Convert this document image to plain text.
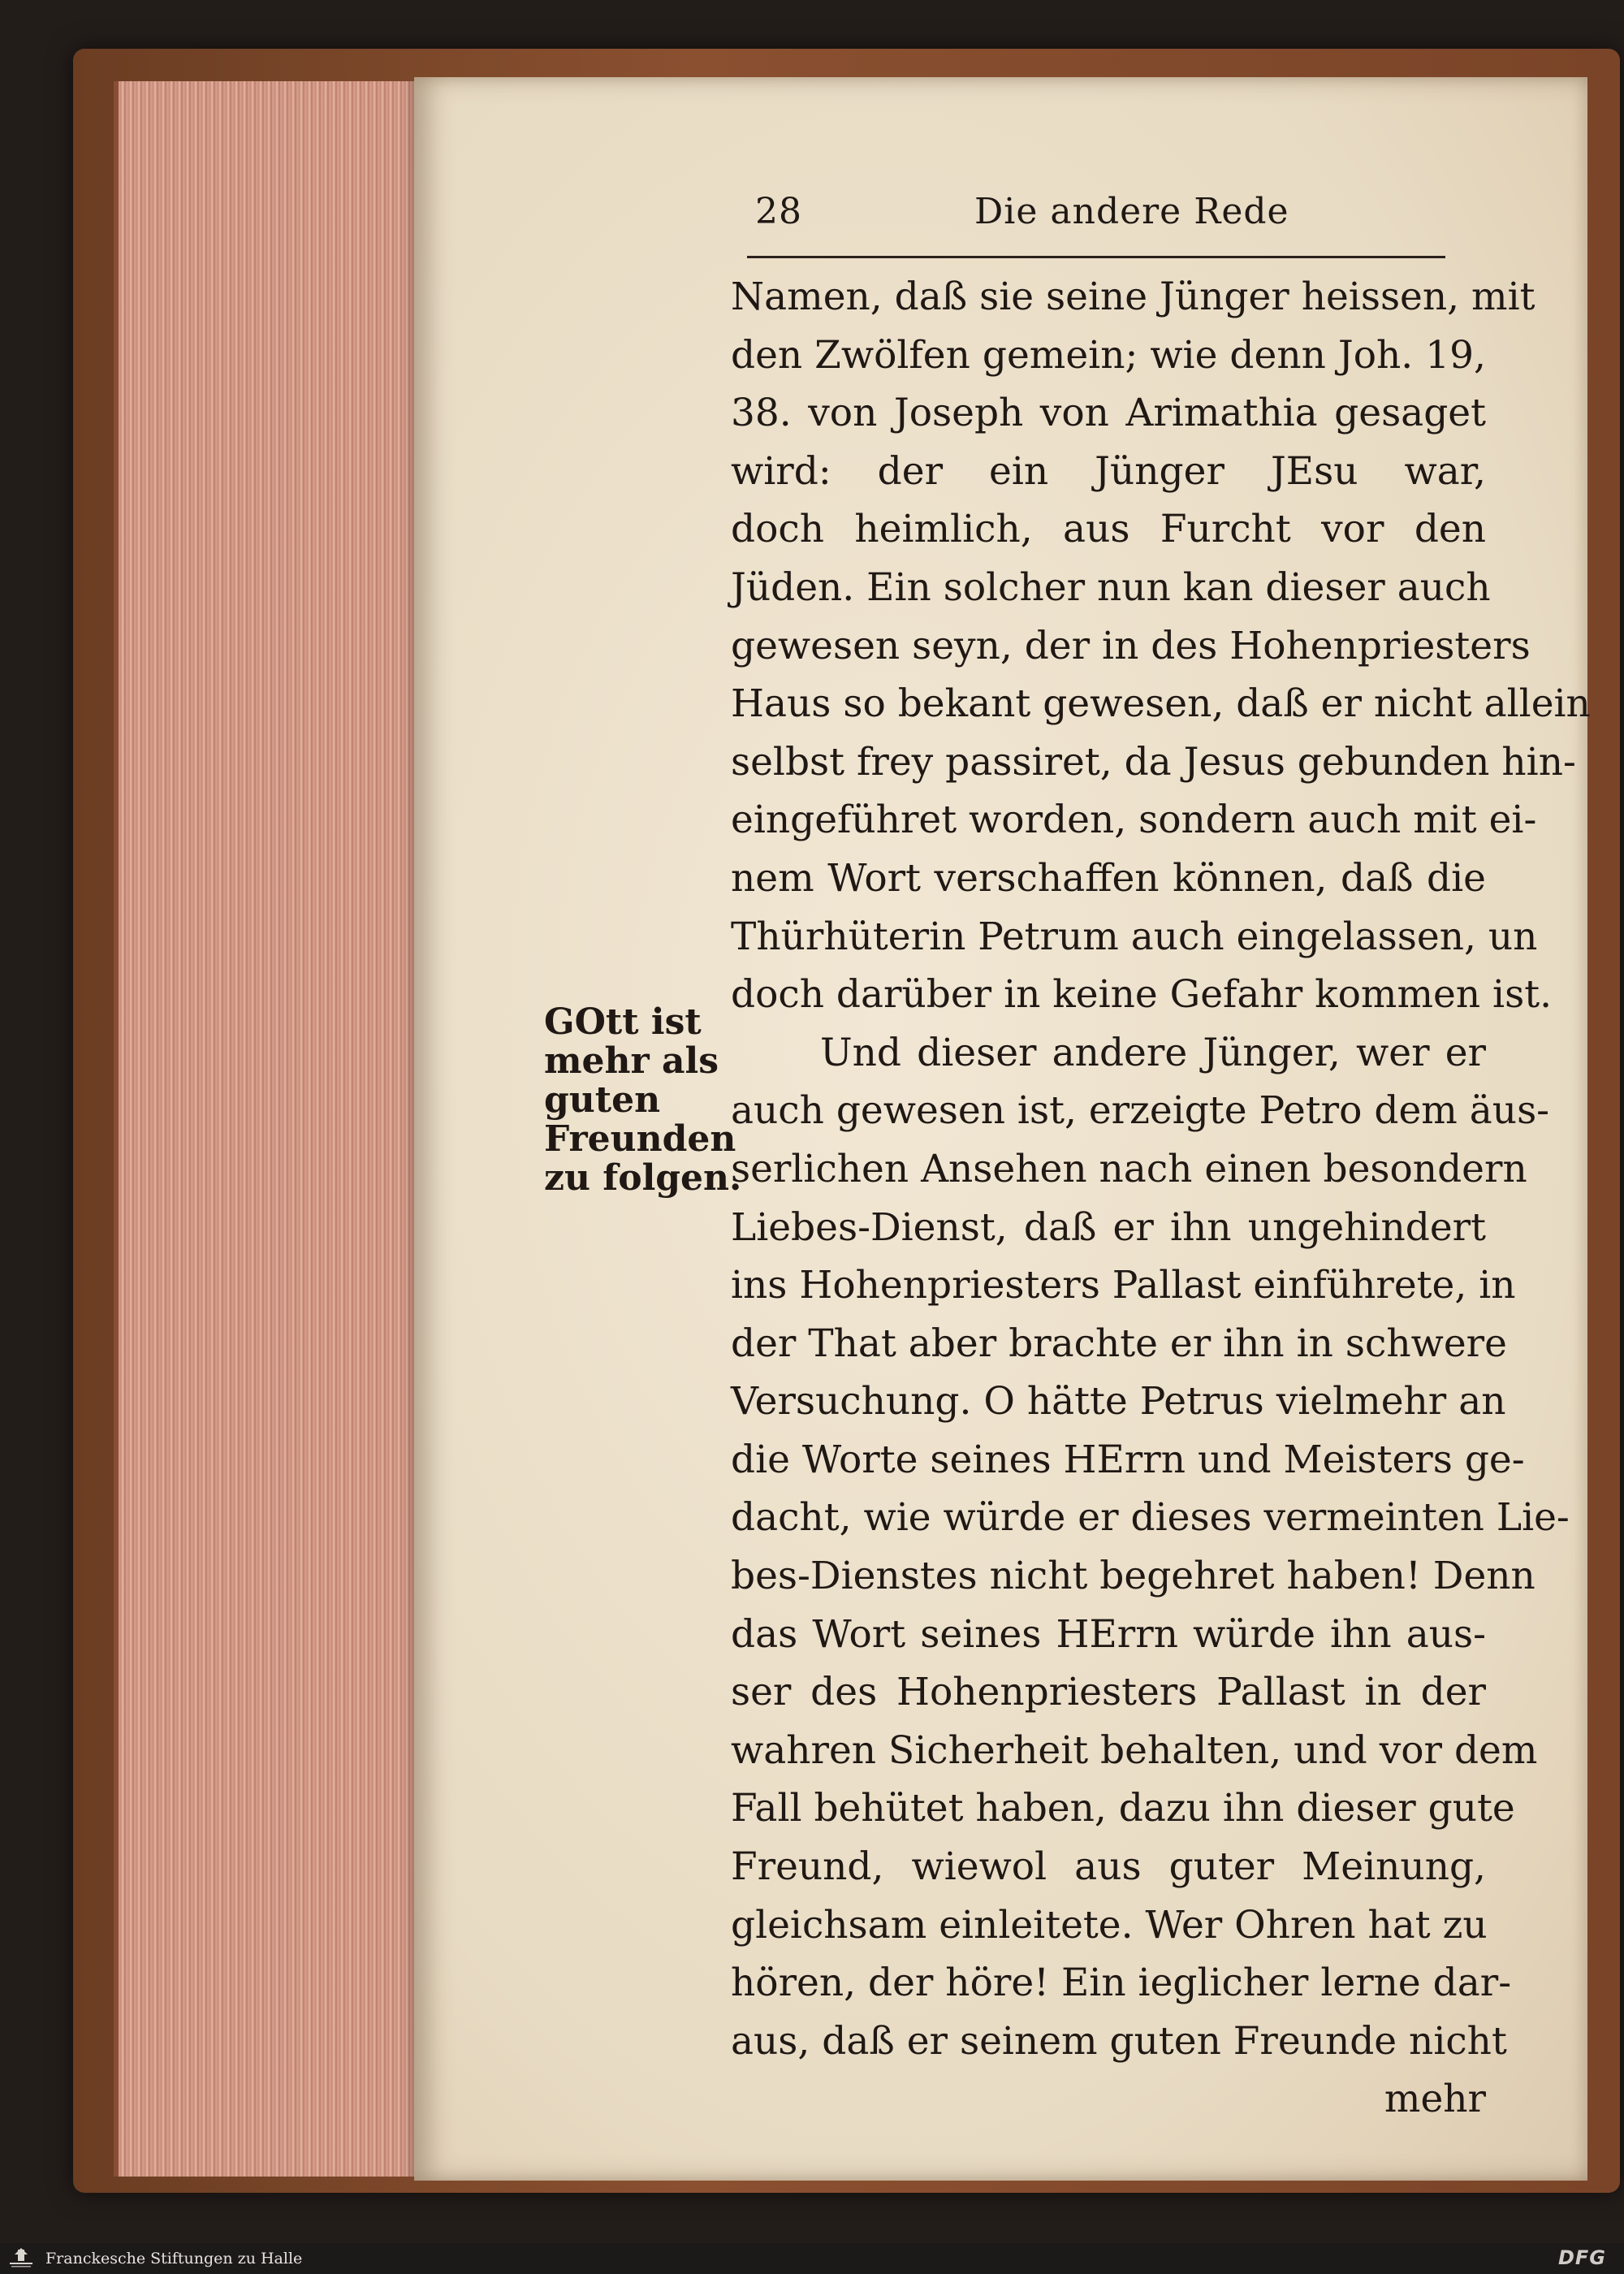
28	Die andere Rede
GOtt ist
mehr als
guten
Freunden
zu folgen.
Namen, daß sie seine Jünger heissen, mit
den Zwölfen gemein; wie denn Joh. 19,
38. von Joseph von Arimathia gesaget
wird: der ein Jünger JEsu war,
doch heimlich, aus Furcht vor den
Jüden. Ein solcher nun kan dieser auch
gewesen seyn, der in des Hohenpriesters
Haus so bekant gewesen, daß er nicht allein
selbst frey passiret, da Jesus gebunden hin-
eingeführet worden, sondern auch mit ei-
nem Wort verschaffen können, daß die
Thürhüterin Petrum auch eingelassen, un
doch darüber in keine Gefahr kommen ist.
Und dieser andere Jünger, wer er
auch gewesen ist, erzeigte Petro dem äus-
serlichen Ansehen nach einen besondern
Liebes-Dienst, daß er ihn ungehindert
ins Hohenpriesters Pallast einführete, in
der That aber brachte er ihn in schwere
Versuchung. O hätte Petrus vielmehr an
die Worte seines HErrn und Meisters ge-
dacht, wie würde er dieses vermeinten Lie-
bes-Dienstes nicht begehret haben! Denn
das Wort seines HErrn würde ihn aus-
ser des Hohenpriesters Pallast in der
wahren Sicherheit behalten, und vor dem
Fall behütet haben, dazu ihn dieser gute
Freund, wiewol aus guter Meinung,
gleichsam einleitete. Wer Ohren hat zu
hören, der höre! Ein ieglicher lerne dar-
aus, daß er seinem guten Freunde nicht
mehr
Franckesche Stiftungen zu Halle	DFG
